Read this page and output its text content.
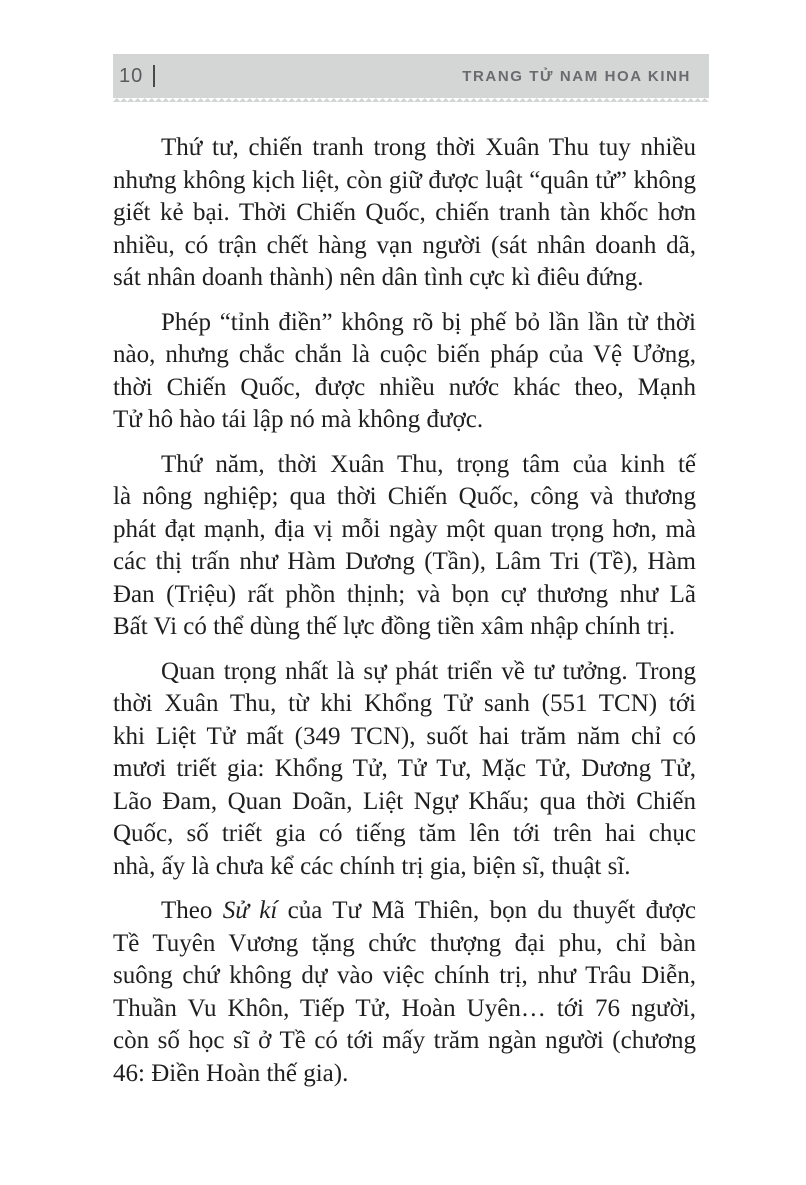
10	TRANG TỬ NAM HOA KINH
Thứ tư, chiến tranh trong thời Xuân Thu tuy nhiều
nhưng không kịch liệt, còn giữ được luật “quân tử” không
giết kẻ bại. Thời Chiến Quốc, chiến tranh tàn khốc hơn
nhiều, có trận chết hàng vạn người (sát nhân doanh dã,
sát nhân doanh thành) nên dân tình cực kì điêu đứng.
Phép “tỉnh điền” không rõ bị phế bỏ lần lần từ thời
nào, nhưng chắc chắn là cuộc biến pháp của Vệ Ưởng,
thời Chiến Quốc, được nhiều nước khác theo, Mạnh
Tử hô hào tái lập nó mà không được.
Thứ năm, thời Xuân Thu, trọng tâm của kinh tế
là nông nghiệp; qua thời Chiến Quốc, công và thương
phát đạt mạnh, địa vị mỗi ngày một quan trọng hơn, mà
các thị trấn như Hàm Dương (Tần), Lâm Tri (Tề), Hàm
Đan (Triệu) rất phồn thịnh; và bọn cự thương như Lã
Bất Vi có thể dùng thế lực đồng tiền xâm nhập chính trị.
Quan trọng nhất là sự phát triển về tư tưởng. Trong
thời Xuân Thu, từ khi Khổng Tử sanh (551 TCN) tới
khi Liệt Tử mất (349 TCN), suốt hai trăm năm chỉ có
mươi triết gia: Khổng Tử, Tử Tư, Mặc Tử, Dương Tử,
Lão Đam, Quan Doãn, Liệt Ngự Khấu; qua thời Chiến
Quốc, số triết gia có tiếng tăm lên tới trên hai chục
nhà, ấy là chưa kể các chính trị gia, biện sĩ, thuật sĩ.
Theo Sử kí của Tư Mã Thiên, bọn du thuyết được
Tề Tuyên Vương tặng chức thượng đại phu, chỉ bàn
suông chứ không dự vào việc chính trị, như Trâu Diễn,
Thuần Vu Khôn, Tiếp Tử, Hoàn Uyên… tới 76 người,
còn số học sĩ ở Tề có tới mấy trăm ngàn người (chương
46: Điền Hoàn thế gia).
